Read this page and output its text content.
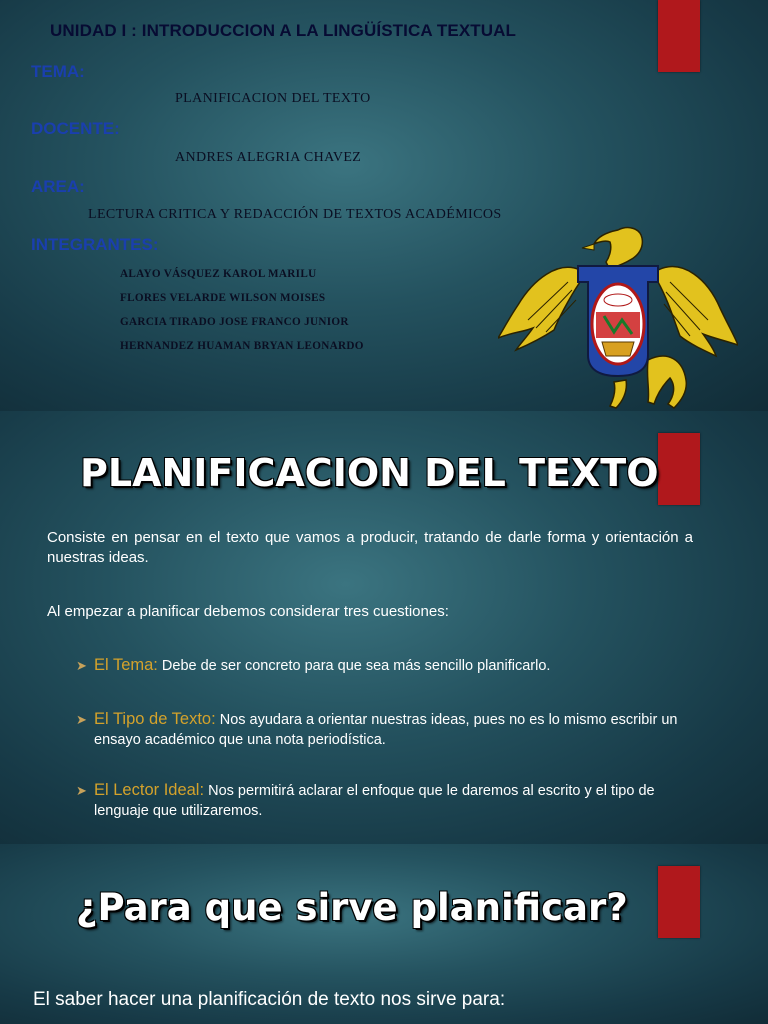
UNIDAD I : INTRODUCCION A LA LINGÜÍSTICA TEXTUAL
TEMA:
PLANIFICACION DEL TEXTO
DOCENTE:
ANDRES ALEGRIA CHAVEZ
AREA:
LECTURA CRITICA Y REDACCIÓN DE TEXTOS ACADÉMICOS
INTEGRANTES:
ALAYO VÁSQUEZ KAROL MARILU
FLORES VELARDE WILSON MOISES
GARCIA TIRADO JOSE FRANCO JUNIOR
HERNANDEZ HUAMAN BRYAN LEONARDO
PLANIFICACION DEL TEXTO
Consiste en pensar en el texto que vamos a producir, tratando de darle forma y orientación a nuestras ideas.
Al empezar a planificar debemos considerar tres cuestiones:
➤ El Tema: Debe de ser concreto para que sea más sencillo planificarlo.
➤ El Tipo de Texto: Nos ayudara a orientar nuestras ideas, pues no es lo mismo escribir un ensayo académico que una nota periodística.
➤ El Lector Ideal: Nos permitirá aclarar el enfoque que le daremos al escrito y el tipo de lenguaje que utilizaremos.
¿Para que sirve planificar?
El saber hacer una planificación de texto nos sirve para:
